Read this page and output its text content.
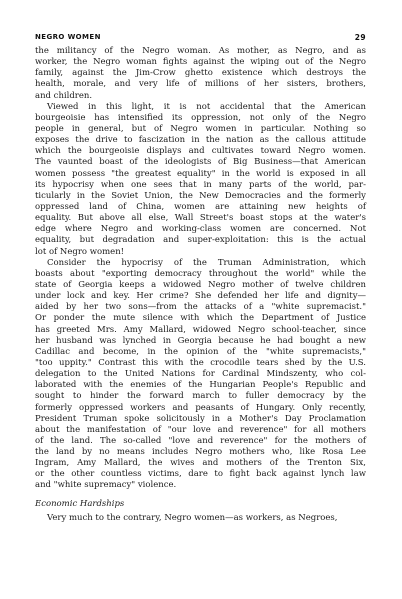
NEGRO WOMEN	29
the militancy of the Negro woman. As mother, as Negro, and as
worker, the Negro woman fights against the wiping out of the Negro
family, against the Jim-Crow ghetto existence which destroys the
health, morale, and very life of millions of her sisters, brothers,
and children.
Viewed in this light, it is not accidental that the American
bourgeoisie has intensified its oppression, not only of the Negro
people in general, but of Negro women in particular. Nothing so
exposes the drive to fascization in the nation as the callous attitude
which the bourgeoisie displays and cultivates toward Negro women.
The vaunted boast of the ideologists of Big Business—that American
women possess "the greatest equality" in the world is exposed in all
its hypocrisy when one sees that in many parts of the world, par-
ticularly in the Soviet Union, the New Democracies and the formerly
oppressed land of China, women are attaining new heights of
equality. But above all else, Wall Street's boast stops at the water's
edge where Negro and working-class women are concerned. Not
equality, but degradation and super-exploitation: this is the actual
lot of Negro women!
Consider the hypocrisy of the Truman Administration, which
boasts about "exporting democracy throughout the world" while the
state of Georgia keeps a widowed Negro mother of twelve children
under lock and key. Her crime? She defended her life and dignity—
aided by her two sons—from the attacks of a "white supremacist."
Or ponder the mute silence with which the Department of Justice
has greeted Mrs. Amy Mallard, widowed Negro school-teacher, since
her husband was lynched in Georgia because he had bought a new
Cadillac and become, in the opinion of the "white supremacists,"
"too uppity." Contrast this with the crocodile tears shed by the U.S.
delegation to the United Nations for Cardinal Mindszenty, who col-
laborated with the enemies of the Hungarian People's Republic and
sought to hinder the forward march to fuller democracy by the
formerly oppressed workers and peasants of Hungary. Only recently,
President Truman spoke solicitously in a Mother's Day Proclamation
about the manifestation of "our love and reverence" for all mothers
of the land. The so-called "love and reverence" for the mothers of
the land by no means includes Negro mothers who, like Rosa Lee
Ingram, Amy Mallard, the wives and mothers of the Trenton Six,
or the other countless victims, dare to fight back against lynch law
and "white supremacy" violence.
Economic Hardships
Very much to the contrary, Negro women—as workers, as Negroes,
